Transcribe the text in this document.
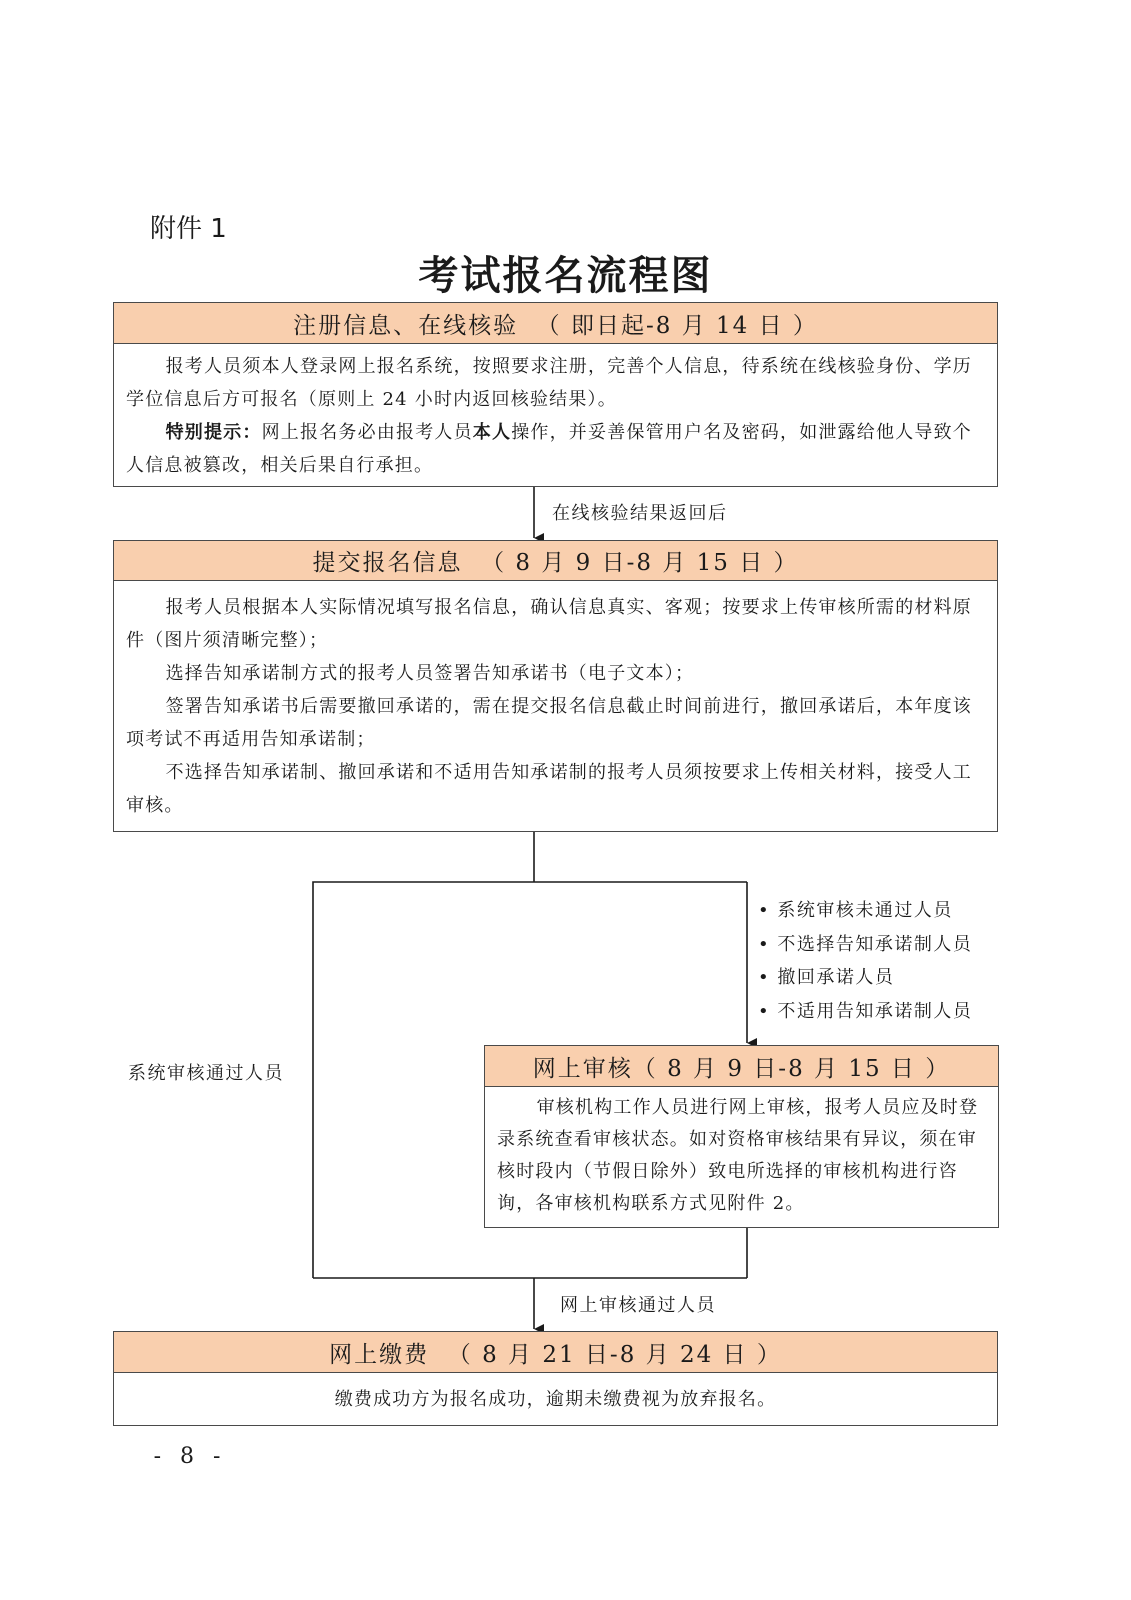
附件 1
考试报名流程图
注册信息、在线核验  （ 即日起-8 月 14 日 ）

报考人员须本人登录网上报名系统，按照要求注册，完善个人信息，待系统在线核验身份、学历学位信息后方可报名（原则上 24 小时内返回核验结果）。

特别提示：网上报名务必由报考人员本人操作，并妥善保管用户名及密码，如泄露给他人导致个人信息被篡改，相关后果自行承担。

在线核验结果返回后
提交报名信息  （ 8 月 9 日-8 月 15 日 ）

报考人员根据本人实际情况填写报名信息，确认信息真实、客观；按要求上传审核所需的材料原件（图片须清晰完整）；

选择告知承诺制方式的报考人员签署告知承诺书（电子文本）；

签署告知承诺书后需要撤回承诺的，需在提交报名信息截止时间前进行，撤回承诺后，本年度该项考试不再适用告知承诺制；

不选择告知承诺制、撤回承诺和不适用告知承诺制的报考人员须按要求上传相关材料，接受人工审核。

• 系统审核未通过人员
• 不选择告知承诺制人员
• 撤回承诺人员
• 不适用告知承诺制人员
系统审核通过人员	网上审核（ 8 月 9 日-8 月 15 日 ）

审核机构工作人员进行网上审核，报考人员应及时登录系统查看审核状态。如对资格审核结果有异议，须在审核时段内（节假日除外）致电所选择的审核机构进行咨询，各审核机构联系方式见附件 2。

网上审核通过人员
网上缴费  （ 8 月 21 日-8 月 24 日 ）
缴费成功方为报名成功，逾期未缴费视为放弃报名。
- 8 -
